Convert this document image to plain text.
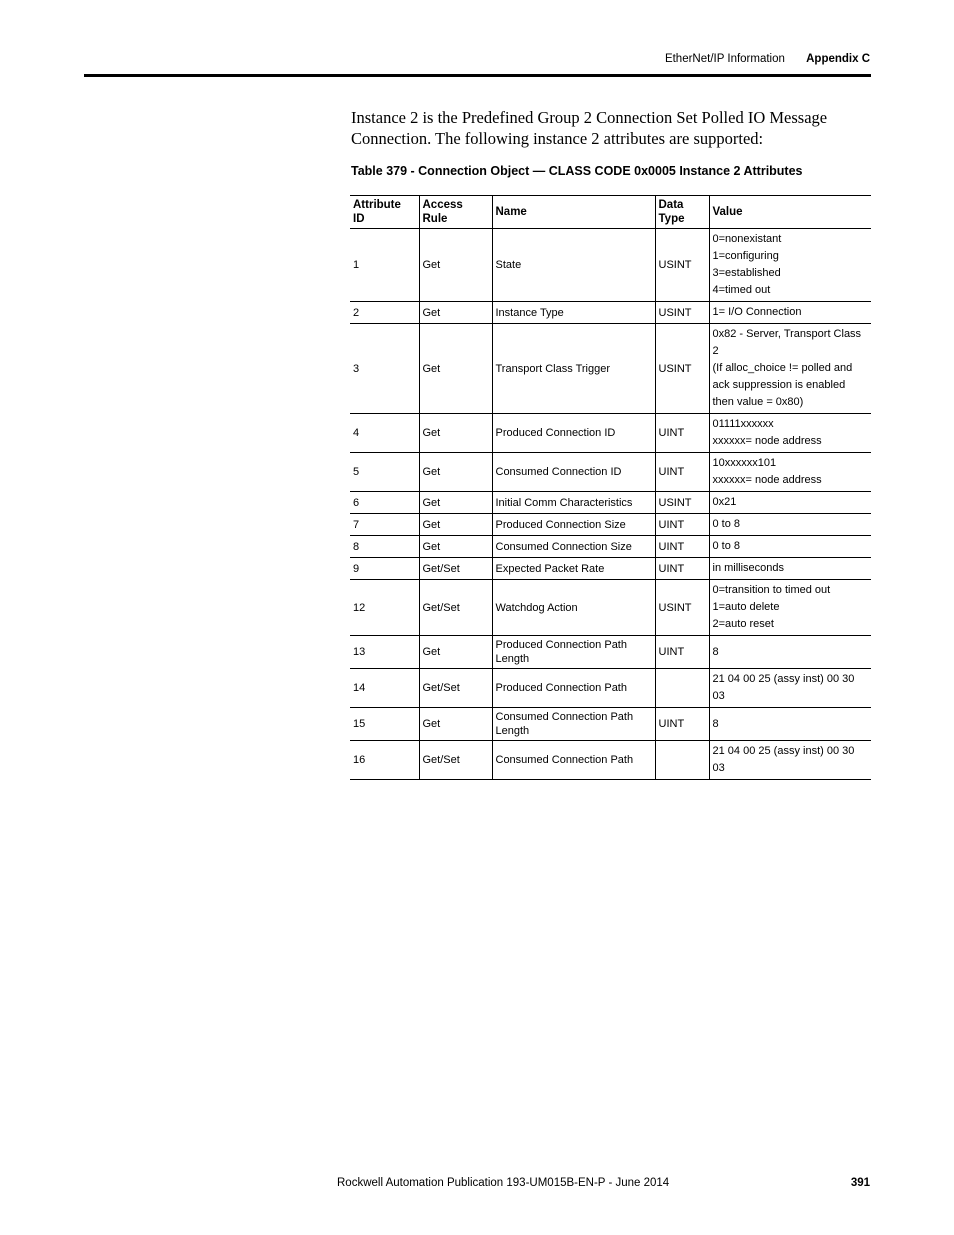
EtherNet/IP Information Appendix C
Instance 2 is the Predefined Group 2 Connection Set Polled IO Message Connection. The following instance 2 attributes are supported:
Table 379 - Connection Object — CLASS CODE 0x0005 Instance 2 Attributes
Attribute ID	Access Rule	Name	Data Type	Value
1	Get	State	USINT	0=nonexistant
1=configuring
3=established
4=timed out

2	Get	Instance Type	USINT	1= I/O Connection

3	Get	Transport Class Trigger	USINT	0x82 - Server, Transport Class 2
(If alloc_choice != polled and ack suppression is enabled
then value = 0x80)

4	Get	Produced Connection ID	UINT	01111xxxxxx
xxxxxx= node address

5	Get	Consumed Connection ID	UINT	10xxxxxx101
xxxxxx= node address

6	Get	Initial Comm Characteristics	USINT	0x21

7	Get	Produced Connection Size	UINT	0 to 8

8	Get	Consumed Connection Size	UINT	0 to 8

9	Get/Set	Expected Packet Rate	UINT	in milliseconds

12	Get/Set	Watchdog Action	USINT	0=transition to timed out
1=auto delete
2=auto reset

13	Get	Produced Connection Path Length	UINT	8

14	Get/Set	Produced Connection Path		21 04 00 25 (assy inst) 00 30 03

15	Get	Consumed Connection Path Length	UINT	8

16	Get/Set	Consumed Connection Path		21 04 00 25 (assy inst) 00 30 03
Rockwell Automation Publication 193-UM015B-EN-P - June 2014	391
